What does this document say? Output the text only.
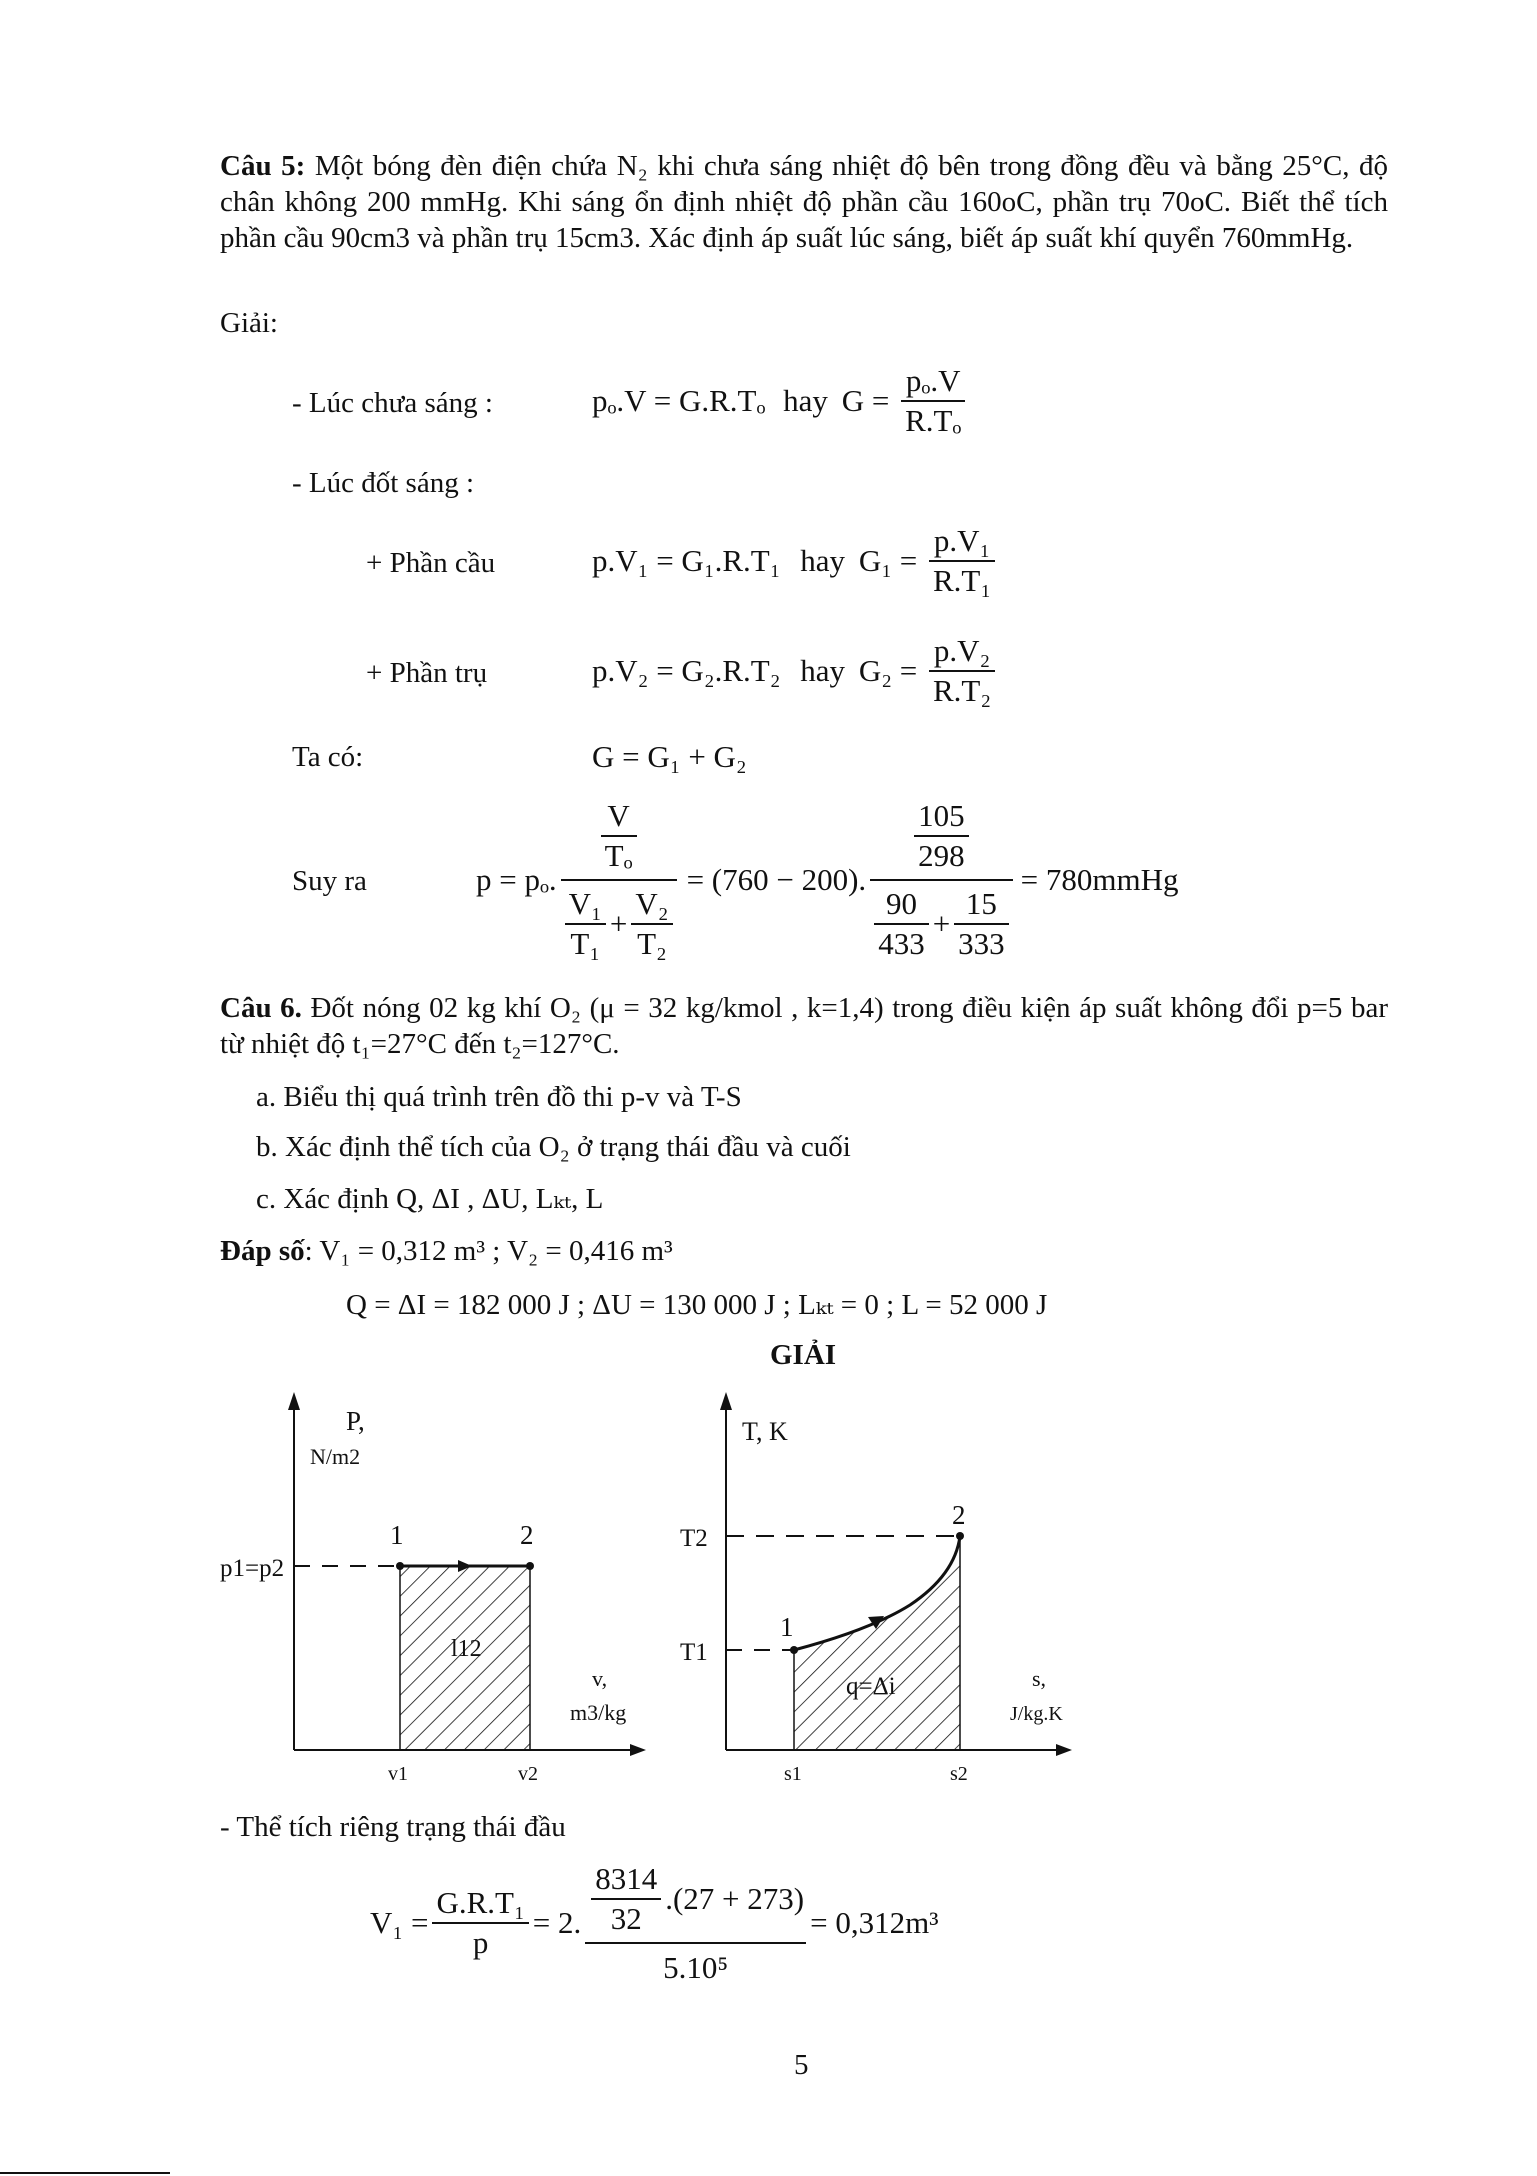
Câu 5: Một bóng đèn điện chứa N₂ khi chưa sáng nhiệt độ bên trong đồng đều và bằng 25°C, độ chân không 200 mmHg. Khi sáng ổn định nhiệt độ phần cầu 160oC, phần trụ 70oC. Biết thể tích phần cầu 90cm3 và phần trụ 15cm3. Xác định áp suất lúc sáng, biết áp suất khí quyển 760mmHg.
Giải:
- Lúc chưa sáng :	pₒ.V = G.R.Tₒ hay $G = \frac{\text{pₒ.V}}{\text{R.Tₒ}}$
- Lúc đốt sáng :
+ Phần cầu	p.V₁ = G₁.R.T₁ hay $G_1 = \frac{\text{p.V₁}}{\text{R.T₁}}$
+ Phần trụ	p.V₂ = G₂.R.T₂ hay $G_2 = \frac{\text{p.V₂}}{\text{R.T₂}}$
Ta có:	G = G₁ + G₂
Suy ra	p = pₒ.
$\frac{V}{\text{Tₒ}}$
$\frac{\text{V₁}}{\text{T₁}} + \frac{\text{V₂}}{\text{T₂}}$
= (760 − 200). $\frac{\frac{105}{298}}{\frac{90}{433} + \frac{15}{333}}$ = 780mmHg
Câu 6. Đốt nóng 02 kg khí O₂ (μ = 32 kg/kmol , k=1,4) trong điều kiện áp suất không đổi p=5 bar từ nhiệt độ t₁=27°C đến t₂=127°C.
a. Biểu thị quá trình trên đồ thi p-v và T-S
b. Xác định thể tích của O₂ ở trạng thái đầu và cuối
c. Xác định Q, ΔI , ΔU, Lₖₜ, L
Đáp số: V₁ = 0,312 m³ ; V₂ = 0,416 m³
Q = ΔI = 182 000 J ; ΔU = 130 000 J ; Lₖₜ = 0 ; L = 52 000 J
GIẢI
P,
N/m2
p1=p2
1	2
l12
v,
m3/kg
v1	v2
T, K
T2
T1
1
2
q=Δi	s,
J/kg.K
s1	s2
- Thể tích riêng trạng thái đầu
$V_1 = \frac{\text{G.R.T₁}}{p} = 2$. $\frac{\frac{8314}{32} .(27 + 273)}{\text{5.10⁵}} = 0,312m^3$
5
